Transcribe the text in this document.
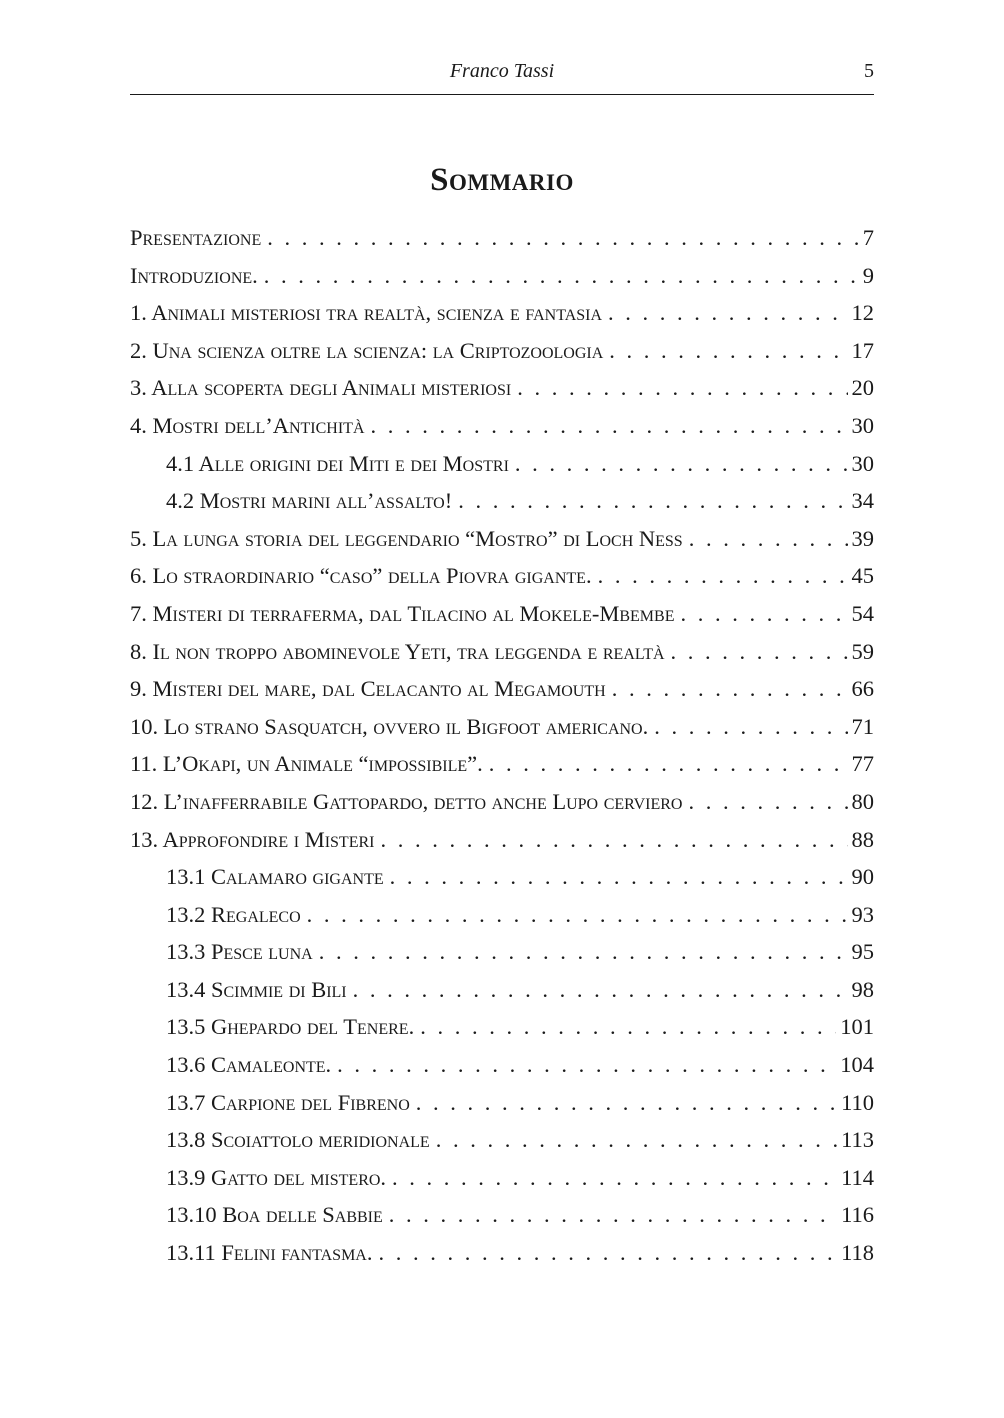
Franco Tassi	5
Sommario
Presentazione . . .	7
Introduzione. . . .	9
1. Animali misteriosi tra realtà, scienza e fantasia . . .	12
2. Una scienza oltre la scienza: la Criptozoologia . . .	17
3. Alla scoperta degli Animali misteriosi . . .	20
4. Mostri dell’Antichità . . .	30
4.1 Alle origini dei Miti e dei Mostri . . .	30
4.2 Mostri marini all’assalto! . . .	34
5. La lunga storia del leggendario “Mostro” di Loch Ness . . .	39
6. Lo straordinario “caso” della Piovra gigante. . . .	45
7. Misteri di terraferma, dal Tilacino al Mokele-Mbembe . . .	54
8. Il non troppo abominevole Yeti, tra leggenda e realtà . . .	59
9. Misteri del mare, dal Celacanto al Megamouth . . .	66
10. Lo strano Sasquatch, ovvero il Bigfoot americano. . . .	71
11. L’Okapi, un Animale “impossibile”. . . .	77
12. L’inafferrabile Gattopardo, detto anche Lupo cerviero . . .	80
13. Approfondire i Misteri . . .	88
13.1 Calamaro gigante . . .	90
13.2 Regaleco . . .	93
13.3 Pesce luna . . .	95
13.4 Scimmie di Bili . . .	98
13.5 Ghepardo del Tenere. . . .	101
13.6 Camaleonte. . . .	104
13.7 Carpione del Fibreno . . .	110
13.8 Scoiattolo meridionale . . .	113
13.9 Gatto del mistero. . . .	114
13.10 Boa delle Sabbie . . .	116
13.11 Felini fantasma. . . .	118
